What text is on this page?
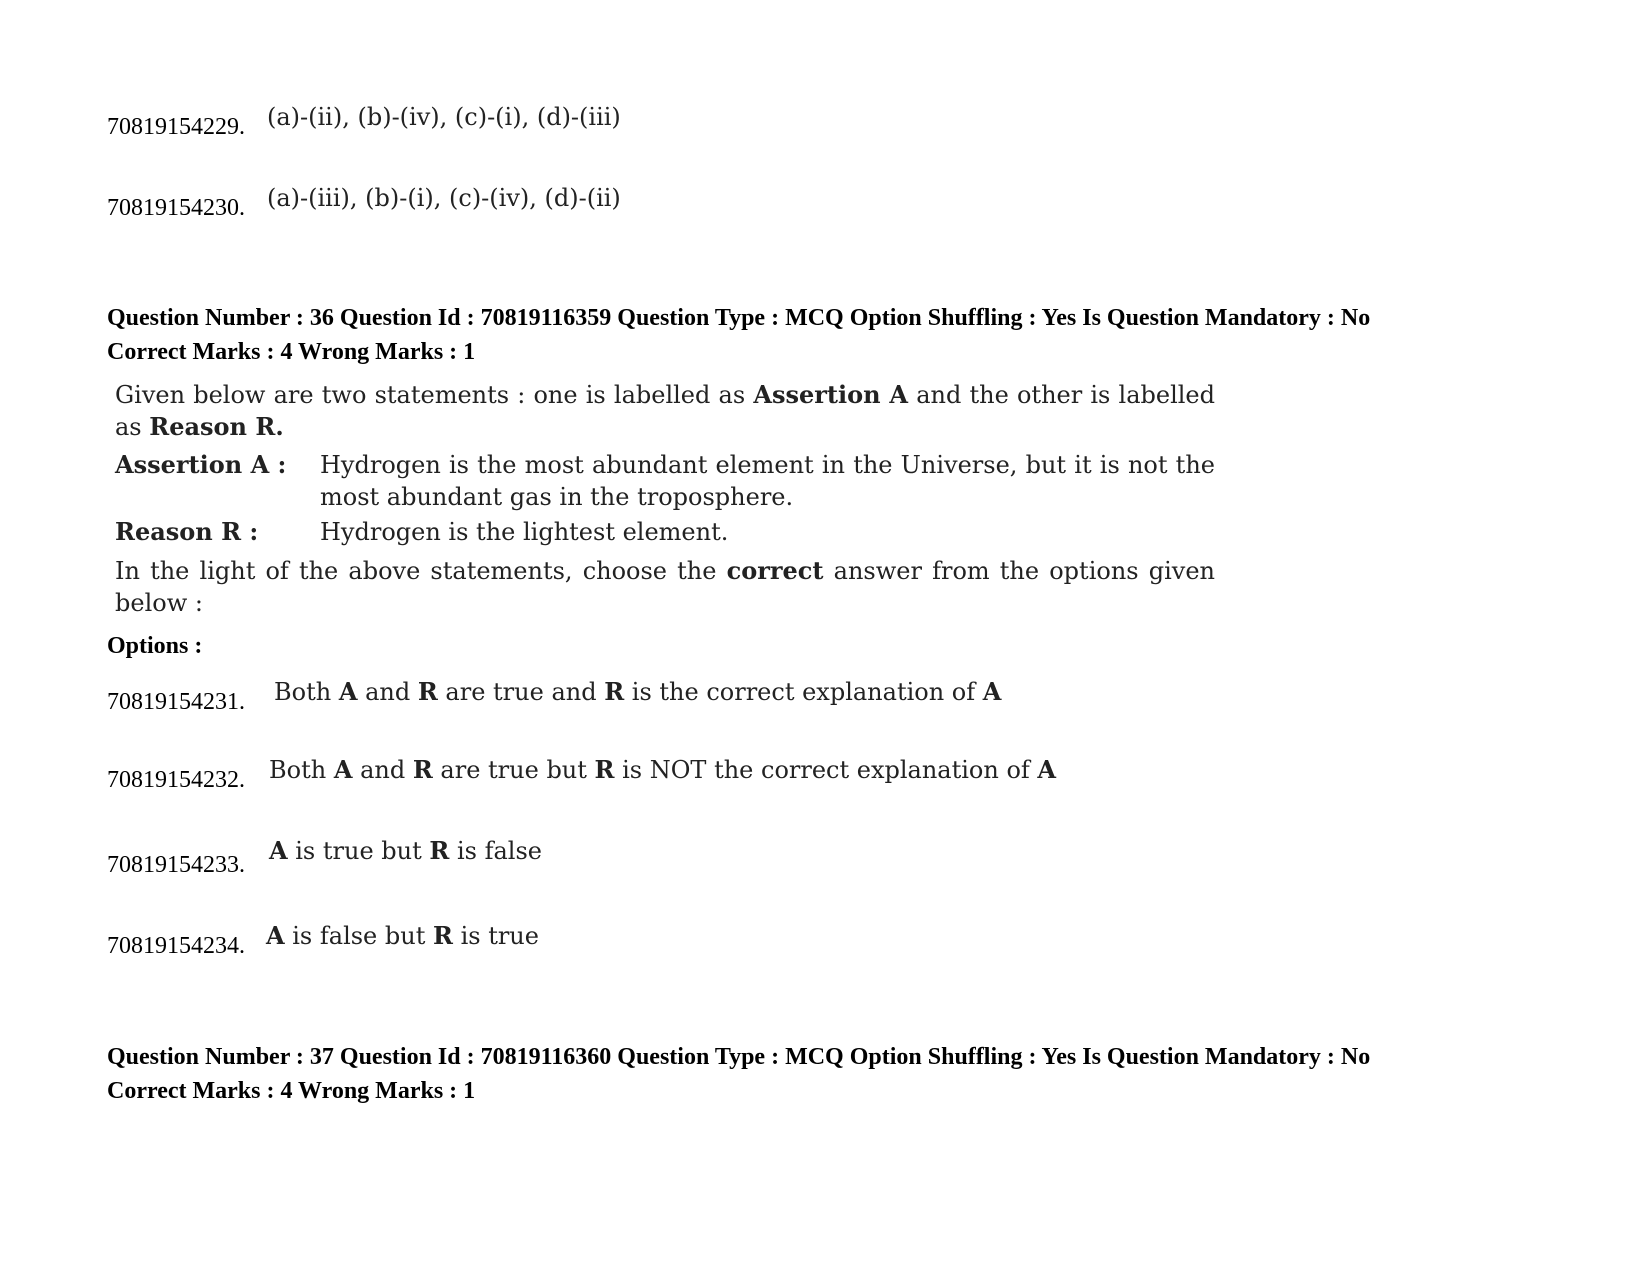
70819154229. (a)-(ii), (b)-(iv), (c)-(i), (d)-(iii)
70819154230. (a)-(iii), (b)-(i), (c)-(iv), (d)-(ii)
Question Number : 36 Question Id : 70819116359 Question Type : MCQ Option Shuffling : Yes Is Question Mandatory : No
Correct Marks : 4 Wrong Marks : 1
Given below are two statements : one is labelled as Assertion A and the other is labelled as Reason R.
Assertion A :	Hydrogen is the most abundant element in the Universe, but it is not the most abundant gas in the troposphere.
Reason R :	Hydrogen is the lightest element.
In the light of the above statements, choose the correct answer from the options given below :
Options :
70819154231.	Both A and R are true and R is the correct explanation of A
70819154232.	Both A and R are true but R is NOT the correct explanation of A
70819154233.	A is true but R is false
70819154234. A is false but R is true
Question Number : 37 Question Id : 70819116360 Question Type : MCQ Option Shuffling : Yes Is Question Mandatory : No
Correct Marks : 4 Wrong Marks : 1
